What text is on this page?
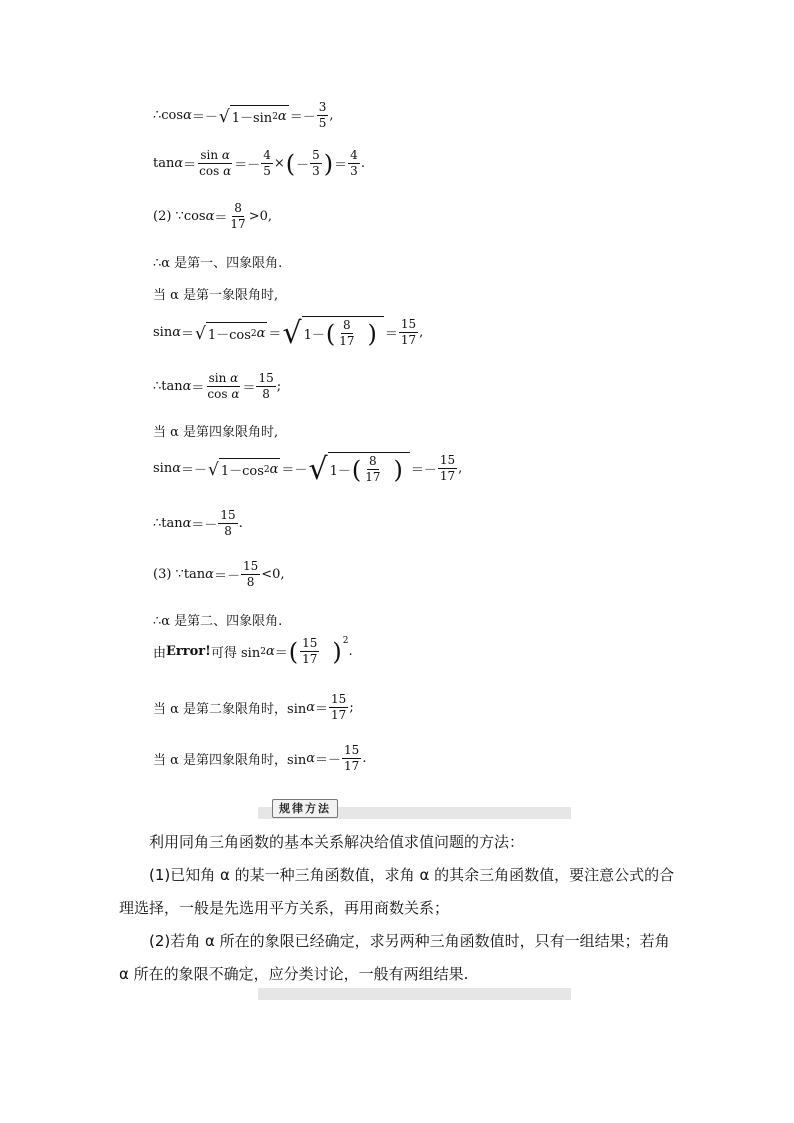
∴ cos α ＝－ √ 1－sin 2 $\alpha =- \frac{3}{5}$ ,
$\tan \alpha = \frac{\text{sin α}}{\text{cos α}} =- \frac{4}{5}$ × ( － $\frac{5}{3}$ ) ＝ $\frac{4}{3}$ .
(2) ∵cos $\alpha = \frac{8}{17} >0$,
∴α 是第一、四象限角.
当 α 是第一象限角时,
sin α ＝ √ 1－cos 2 α ＝ √ 1－ ( $\frac{8}{17}$ ) ＝ $\frac{15}{17}$ ,
∴tan $\alpha = \frac{\text{sin α}}{\text{cos α}} = \frac{15}{8}$ ;
当 α 是第四象限角时,
sin α ＝－ √ 1－cos 2 α ＝－ √ 1－ ( $\frac{8}{17}$ ) ＝－ $\frac{15}{17}$ ,
∴tan $\alpha =- \frac{15}{8}$ .
(3) ∵tan $\alpha =- \frac{15}{8} <0$,
∴α 是第二、四象限角.
由 Error! 可得 sin 2 α ＝ ( $\frac{15}{17} )^2$
.
当 α 是第二象限角时，$\sin \alpha = \frac{15}{17}$ ;
当 α 是第四象限角时，$\sin \alpha =- \frac{15}{17}$ .
规律方法

利用同角三角函数的基本关系解决给值求值问题的方法：

(1)已知角 α 的某一种三角函数值，求角 α 的其余三角函数值，要注意公式的合理选择，一般是先选用平方关系，再用商数关系；

(2)若角 α 所在的象限已经确定，求另两种三角函数值时，只有一组结果；若角 α 所在的象限不确定，应分类讨论，一般有两组结果.
